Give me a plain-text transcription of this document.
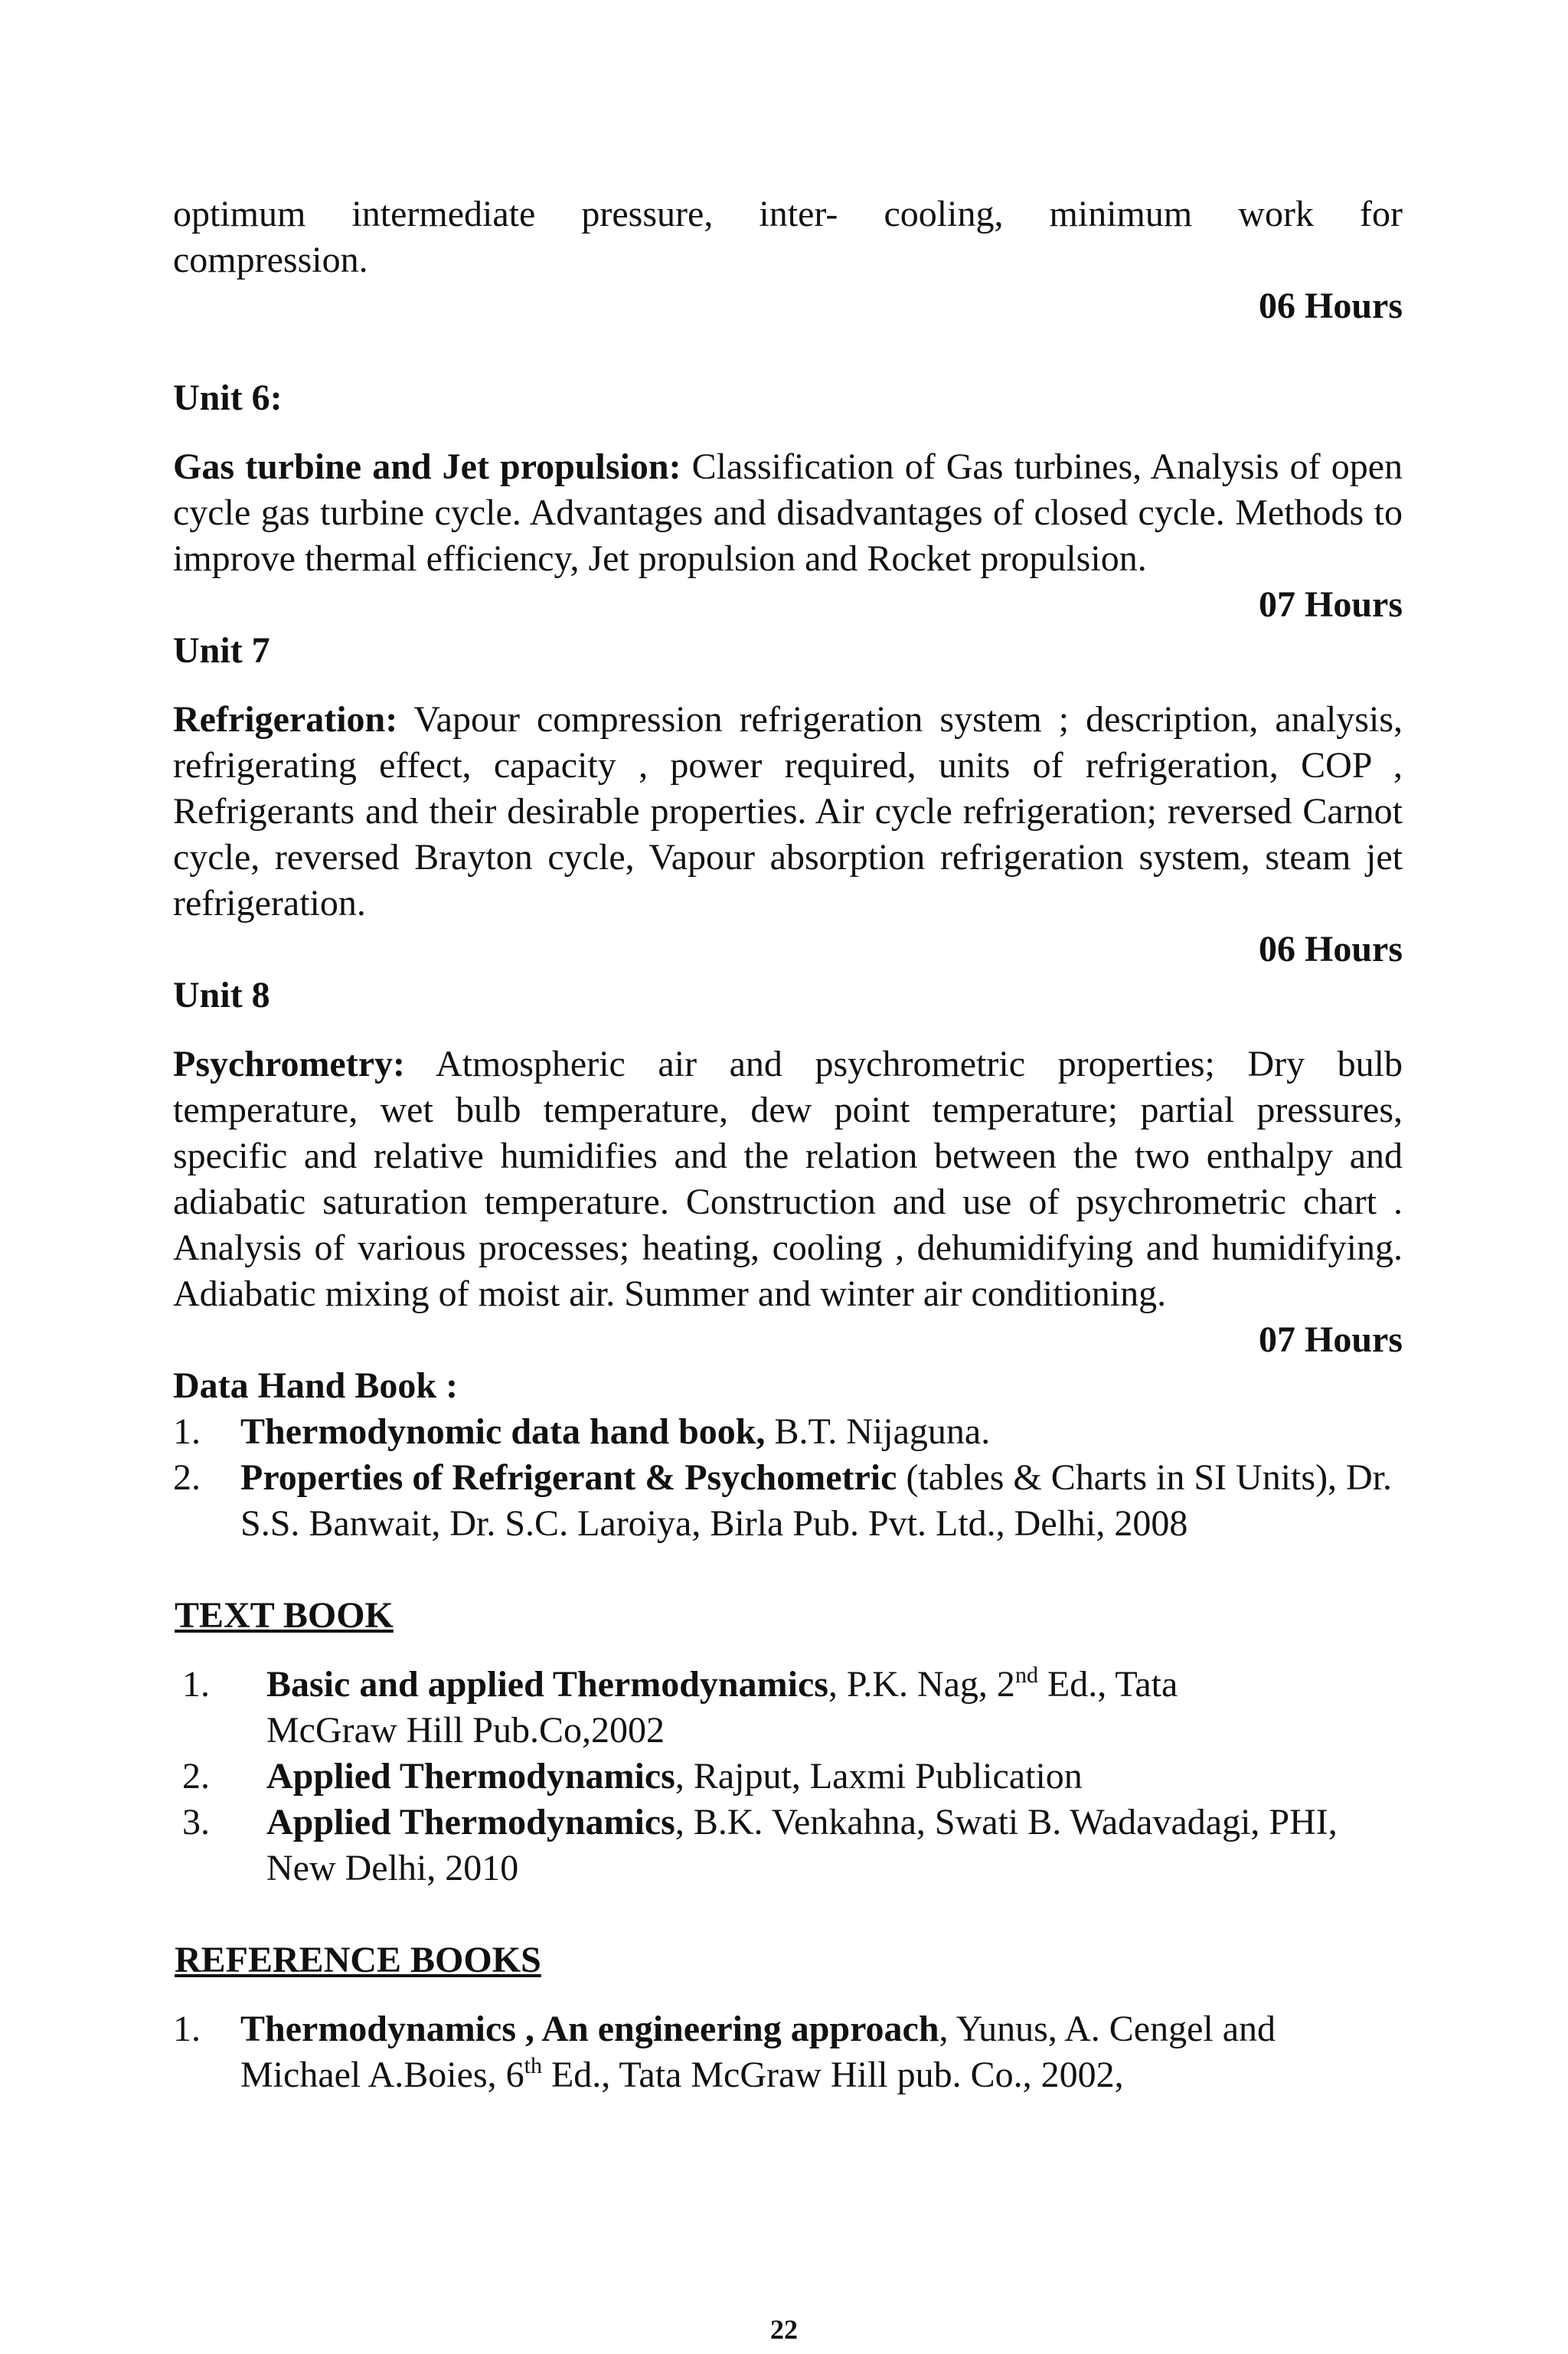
optimum intermediate pressure, inter- cooling, minimum work for

compression.

06 Hours

Unit 6:

Gas turbine and Jet propulsion: Classification of Gas turbines, Analysis of open cycle gas turbine cycle. Advantages and disadvantages of closed cycle. Methods to improve thermal efficiency, Jet propulsion and Rocket propulsion.

07 Hours

Unit 7

Refrigeration: Vapour compression refrigeration system ; description, analysis, refrigerating effect, capacity , power required, units of refrigeration, COP , Refrigerants and their desirable properties. Air cycle refrigeration; reversed Carnot cycle, reversed Brayton cycle, Vapour absorption refrigeration system, steam jet refrigeration.

06 Hours

Unit 8

Psychrometry: Atmospheric air and psychrometric properties; Dry bulb temperature, wet bulb temperature, dew point temperature; partial pressures, specific and relative humidifies and the relation between the two enthalpy and adiabatic saturation temperature. Construction and use of psychrometric chart . Analysis of various processes; heating, cooling , dehumidifying and humidifying. Adiabatic mixing of moist air. Summer and winter air conditioning.

07 Hours

Data Hand Book :

1.	Thermodynomic data hand book, B.T. Nijaguna.
2.	Properties of Refrigerant & Psychometric (tables & Charts in SI Units), Dr. S.S. Banwait, Dr. S.C. Laroiya, Birla Pub. Pvt. Ltd., Delhi, 2008

TEXT BOOK

1.	Basic and applied Thermodynamics, P.K. Nag, 2nd Ed., Tata McGraw Hill Pub.Co,2002
2.	Applied Thermodynamics, Rajput, Laxmi Publication
3.	Applied Thermodynamics, B.K. Venkahna, Swati B. Wadavadagi, PHI, New Delhi, 2010

REFERENCE BOOKS

1.	Thermodynamics , An engineering approach, Yunus, A. Cengel and Michael A.Boies, 6th Ed., Tata McGraw Hill pub. Co., 2002,
22
